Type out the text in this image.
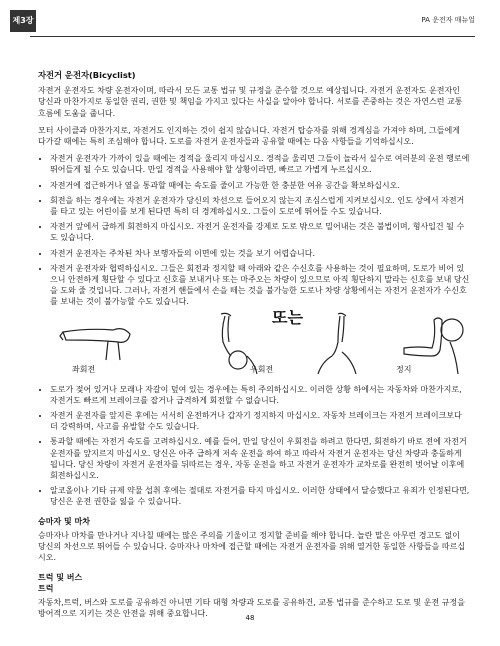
제3장	PA 운전자 매뉴얼
자전거 운전자(Bicyclist)

자전거 운전자도 차량 운전자이며, 따라서 모든 교통 법규 및 규정을 준수할 것으로 예상됩니다. 자전거 운전자도 운전자인 당신과 마찬가지로 동일한 권리, 권한 및 책임을 가지고 있다는 사실을 알아야 합니다. 서로를 존중하는 것은 자연스런 교통 흐름에 도움을 줍니다.

모터 사이클과 마찬가지로, 자전거도 인지하는 것이 쉽지 않습니다. 자전거 탑승자를 위해 경계심을 가져야 하며, 그들에게 다가갈 때에는 특히 조심해야 합니다. 도로를 자전거 운전자들과 공유할 때에는 다음 사항들을 기억하십시오.

• 자전거 운전자가 가까이 있을 때에는 경적을 울리지 마십시오. 경적을 울리면 그들이 놀라서 실수로 여러분의 운전 행로에 뛰어들게 될 수도 있습니다. 만일 경적을 사용해야 할 상황이라면, 빠르고 가볍게 누르십시오.
• 자전거에 접근하거나 옆을 통과할 때에는 속도를 줄이고 가능한 한 충분한 여유 공간을 확보하십시오.
• 회전을 하는 경우에는 자전거 운전자가 당신의 차선으로 들어오지 않는지 조심스럽게 지켜보십시오. 인도 상에서 자전거를 타고 있는 어린이를 보게 된다면 특히 더 경계하십시오. 그들이 도로에 뛰어들 수도 있습니다.
• 자전거 앞에서 급하게 회전하지 마십시오. 자전거 운전자를 강제로 도로 밖으로 밀어내는 것은 불법이며, 형사입건 될 수도 있습니다.
• 자전거 운전자는 주차된 차나 보행자들의 이면에 있는 것을 보기 어렵습니다.
• 자전거 운전자와 협력하십시오. 그들은 회전과 정지할 때 아래와 같은 수신호를 사용하는 것이 필요하며, 도로가 비어 있으니 안전하게 횡단할 수 있다고 신호를 보내거나 또는 마주오는 차량이 있으므로 아직 횡단하지 말라는 신호를 보내 당신을 도와 줄 것입니다. 그러나, 자전거 핸들에서 손을 떼는 것을 불가능한 도로나 차량 상황에서는 자전거 운전자가 수신호를 보내는 것이 불가능할 수도 있습니다.
좌회전
또는
우회전	정지
• 도로가 젖어 있거나 모래나 자갈이 덮여 있는 경우에는 특히 주의하십시오. 이러한 상황 하에서는 자동차와 마찬가지로, 자전거도 빠르게 브레이크를 잡거나 급격하게 회전할 수 없습니다.
• 자전거 운전자를 앞지른 후에는 서서히 운전하거나 갑자기 정지하지 마십시오. 자동차 브레이크는 자전거 브레이크보다 더 강력하며, 사고를 유발할 수도 있습니다.
• 통과할 때에는 자전거 속도를 고려하십시오. 예를 들어, 만일 당신이 우회전을 하려고 한다면, 회전하기 바로 전에 자전거 운전자를 앞지르지 마십시오. 당신은 아주 급하게 저속 운전을 하여 하고 따라서 자전거 운전자는 당신 차량과 충돌하게 됩니다. 당신 차량이 자전거 운전자를 뒤따르는 경우, 자동 운전을 하고 자전거 운전자가 교차로를 완전히 벗어날 이후에 회전하십시오.
• 알코올이나 기타 규제 약물 섭취 후에는 절대로 자전거를 타지 마십시오. 이러한 상태에서 달승했다고 유죄가 인정된다면, 당신은 운전 권한을 잃을 수 있습니다.
승마자 및 마차

승마자나 마차를 만나거나 지나칠 때에는 많은 주의를 기울이고 정지할 준비를 해야 합니다. 놀란 말은 아무런 경고도 없이 당신의 차선으로 뛰어들 수 있습니다. 승마자나 마차에 접근할 때에는 자전거 운전자를 위해 열거한 동일한 사항들을 따르십시오.

트럭 및 버스
트럭

자동차,트럭, 버스와 도로를 공유하건 아니면 기타 대형 차량과 도로를 공유하건, 교통 법규를 준수하고 도로 및 운전 규정을 방어적으로 지키는 것은 안전을 위해 중요합니다.	48
